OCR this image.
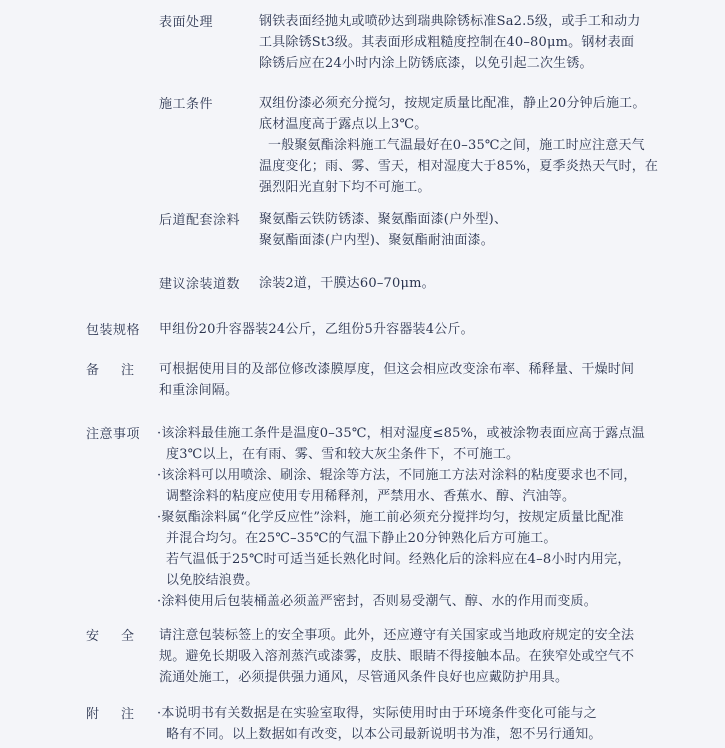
表面处理	钢铁表面经抛丸或喷砂达到瑞典除锈标准Sa2.5级，或手工和动力
工具除锈St3级。其表面形成粗糙度控制在40–80μm。钢材表面
除锈后应在24小时内涂上防锈底漆，以免引起二次生锈。
施工条件	双组份漆必须充分搅匀，按规定质量比配准，静止20分钟后施工。
底材温度高于露点以上3℃。
一般聚氨酯涂料施工气温最好在0–35℃之间，施工时应注意天气
温度变化；雨、雾、雪天，相对湿度大于85%，夏季炎热天气时，在
强烈阳光直射下均不可施工。
后道配套涂料 聚氨酯云铁防锈漆、聚氨酯面漆(户外型)、
聚氨酯面漆(户内型)、聚氨酯耐油面漆。
建议涂装道数 涂装2道，干膜达60–70μm。
包装规格 甲组份20升容器装24公斤，乙组份5升容器装4公斤。
备注 可根据使用目的及部位修改漆膜厚度，但这会相应改变涂布率、稀释量、干燥时间
和重涂间隔。
注意事项 ·该涂料最佳施工条件是温度0–35℃，相对湿度≤85%，或被涂物表面应高于露点温
度3℃以上，在有雨、雾、雪和较大灰尘条件下，不可施工。
·该涂料可以用喷涂、刷涂、辊涂等方法，不同施工方法对涂料的粘度要求也不同，
调整涂料的粘度应使用专用稀释剂，严禁用水、香蕉水、醇、汽油等。
·聚氨酯涂料属“化学反应性”涂料，施工前必须充分搅拌均匀，按规定质量比配准
并混合均匀。在25℃–35℃的气温下静止20分钟熟化后方可施工。
若气温低于25℃时可适当延长熟化时间。经熟化后的涂料应在4–8小时内用完，
以免胶结浪费。
·涂料使用后包装桶盖必须盖严密封，否则易受潮气、醇、水的作用而变质。
安全 请注意包装标签上的安全事项。此外，还应遵守有关国家或当地政府规定的安全法
规。避免长期吸入溶剂蒸汽或漆雾，皮肤、眼睛不得接触本品。在狭窄处或空气不
流通处施工，必须提供强力通风，尽管通风条件良好也应戴防护用具。
附注 ·本说明书有关数据是在实验室取得，实际使用时由于环境条件变化可能与之
略有不同。以上数据如有改变，以本公司最新说明书为准，恕不另行通知。
